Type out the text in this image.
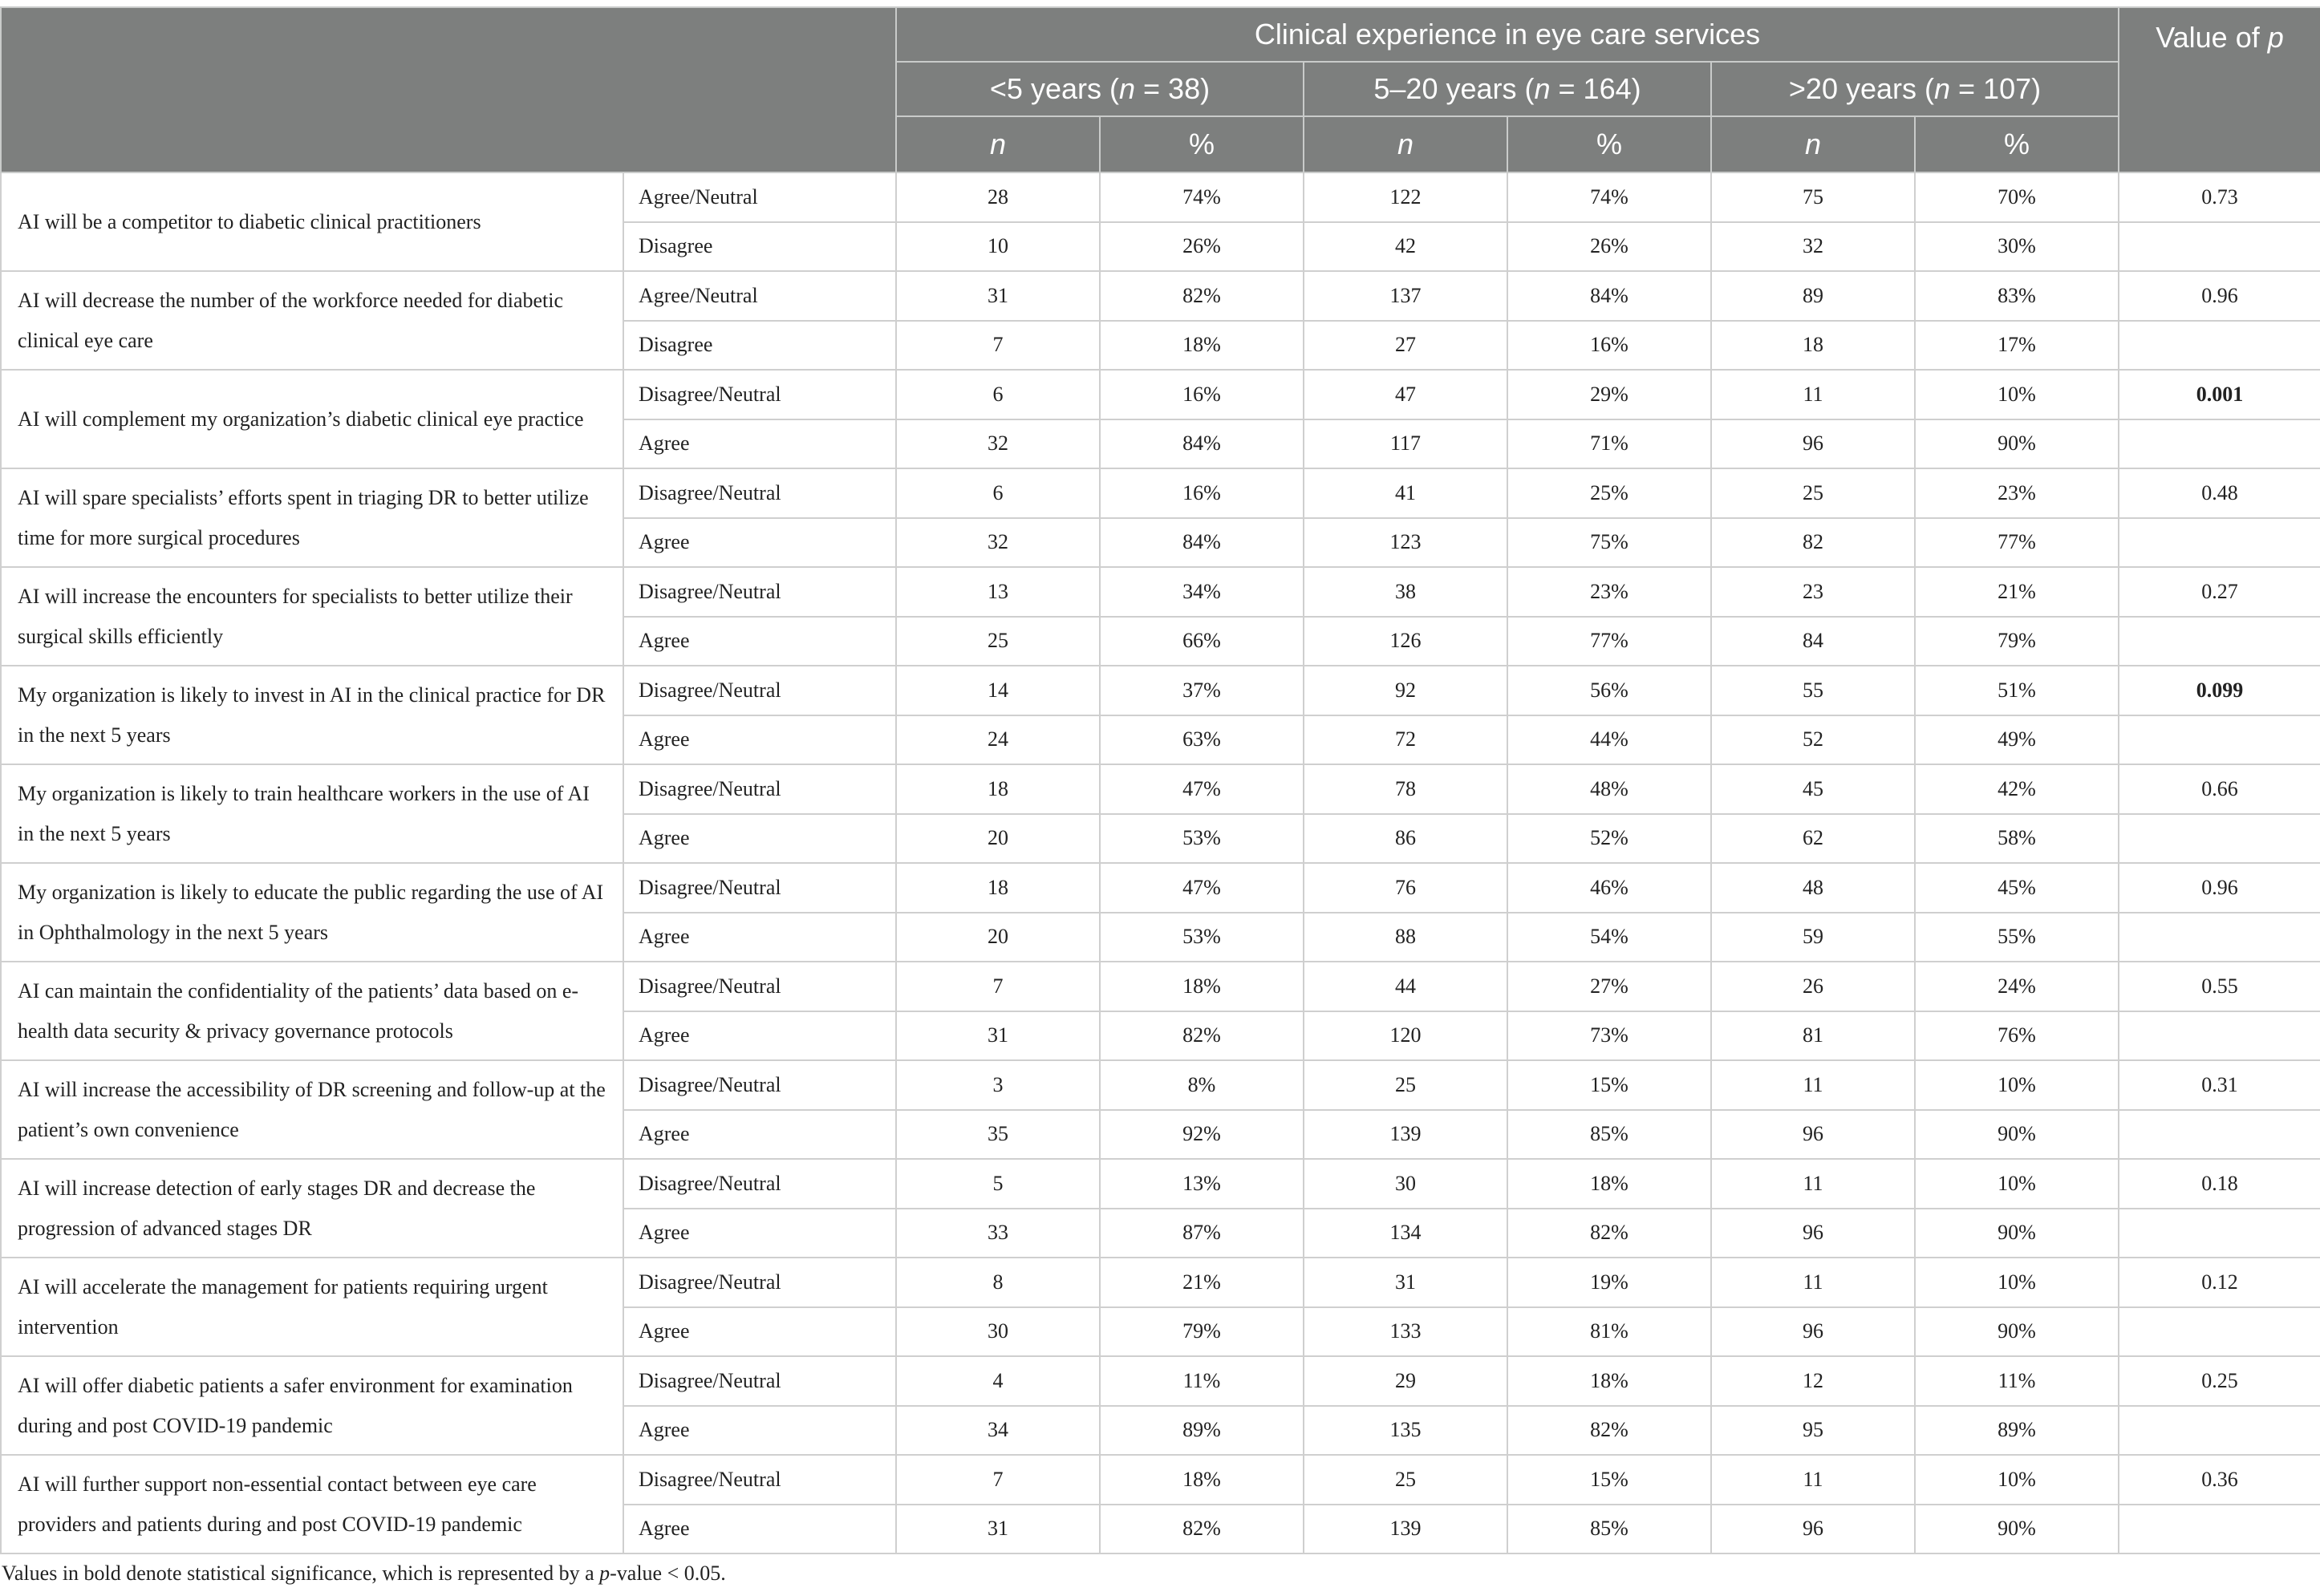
		Clinical experience in eye care services						Value of p
		<5 years (n = 38)		5–20 years (n = 164)		>20 years (n = 107)		
		n	%	n	%	n	%	
AI will be a competitor to diabetic clinical practitioners	Agree/Neutral	28	74%	122	74%	75	70%	0.73
	Disagree	10	26%	42	26%	32	30%	
AI will decrease the number of the workforce needed for diabetic clinical eye care	Agree/Neutral	31	82%	137	84%	89	83%	0.96
	Disagree	7	18%	27	16%	18	17%	
AI will complement my organization’s diabetic clinical eye practice	Disagree/Neutral	6	16%	47	29%	11	10%	0.001
	Agree	32	84%	117	71%	96	90%	
AI will spare specialists’ efforts spent in triaging DR to better utilize time for more surgical procedures	Disagree/Neutral	6	16%	41	25%	25	23%	0.48
	Agree	32	84%	123	75%	82	77%	
AI will increase the encounters for specialists to better utilize their surgical skills efficiently	Disagree/Neutral	13	34%	38	23%	23	21%	0.27
	Agree	25	66%	126	77%	84	79%	
My organization is likely to invest in AI in the clinical practice for DR in the next 5 years	Disagree/Neutral	14	37%	92	56%	55	51%	0.099
	Agree	24	63%	72	44%	52	49%	
My organization is likely to train healthcare workers in the use of AI in the next 5 years	Disagree/Neutral	18	47%	78	48%	45	42%	0.66
	Agree	20	53%	86	52%	62	58%	
My organization is likely to educate the public regarding the use of AI in Ophthalmology in the next 5 years	Disagree/Neutral	18	47%	76	46%	48	45%	0.96
	Agree	20	53%	88	54%	59	55%	
AI can maintain the confidentiality of the patients’ data based on e-health data security & privacy governance protocols	Disagree/Neutral	7	18%	44	27%	26	24%	0.55
	Agree	31	82%	120	73%	81	76%	
AI will increase the accessibility of DR screening and follow-up at the patient’s own convenience	Disagree/Neutral	3	8%	25	15%	11	10%	0.31
	Agree	35	92%	139	85%	96	90%	
AI will increase detection of early stages DR and decrease the progression of advanced stages DR	Disagree/Neutral	5	13%	30	18%	11	10%	0.18
	Agree	33	87%	134	82%	96	90%	
AI will accelerate the management for patients requiring urgent intervention	Disagree/Neutral	8	21%	31	19%	11	10%	0.12
	Agree	30	79%	133	81%	96	90%	
AI will offer diabetic patients a safer environment for examination during and post COVID-19 pandemic	Disagree/Neutral	4	11%	29	18%	12	11%	0.25
	Agree	34	89%	135	82%	95	89%	
AI will further support non-essential contact between eye care providers and patients during and post COVID-19 pandemic	Disagree/Neutral	7	18%	25	15%	11	10%	0.36
	Agree	31	82%	139	85%	96	90%	
Values in bold denote statistical significance, which is represented by a p-value < 0.05.
